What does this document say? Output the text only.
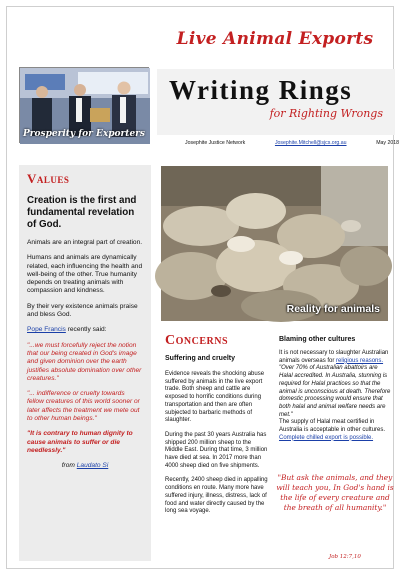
Prosperity for Exporters
Live Animal Exports
Writing Rings
for Righting Wrongs
Josephite Justice Network	Josephite.Mitchell@sjcs.org.au	May 2018
Values
Creation is the first and fundamental revelation of God.
Animals are an integral part of creation.
Humans and animals are dynamically related, each influencing the health and well-being of the other. True humanity depends on treating animals with compassion and kindness.
By their very existence animals praise and bless God.
Pope Francis recently said:
"...we must forcefully reject the notion that our being created in God's image and given dominion over the earth justifies absolute domination over other creatures."
"... indifference or cruelty towards fellow creatures of this world sooner or later affects the treatment we mete out to other human beings."
"It is contrary to human dignity to cause animals to suffer or die needlessly."
from Laudato Si
Reality for animals
Concerns
Suffering and cruelty
Evidence reveals the shocking abuse suffered by animals in the live export trade. Both sheep and cattle are exposed to horrific conditions during transportation and then are often subjected to barbaric methods of slaughter.
During the past 30 years Australia has shipped 200 million sheep to the Middle East. During that time, 3 million have died at sea. In 2017 more than 4000 sheep died on five shipments.
Recently, 2400 sheep died in appalling conditions en route. Many more have suffered injury, illness, distress, lack of food and water directly caused by the long sea voyage.
Blaming other cultures
It is not necessary to slaughter Australian animals overseas for religious reasons.
"Over 70% of Australian abattoirs are Halal accredited. In Australia, stunning is required for Halal practices so that the animal is unconscious at death. Therefore domestic processing would ensure that both halal and animal welfare needs are met."
The supply of Halal meat certified in Australia is acceptable in other cultures. Complete chilled export is possible.
"But ask the animals, and they will teach you, In God's hand is the life of every creature and the breath of all humanity."
Job 12:7,10
